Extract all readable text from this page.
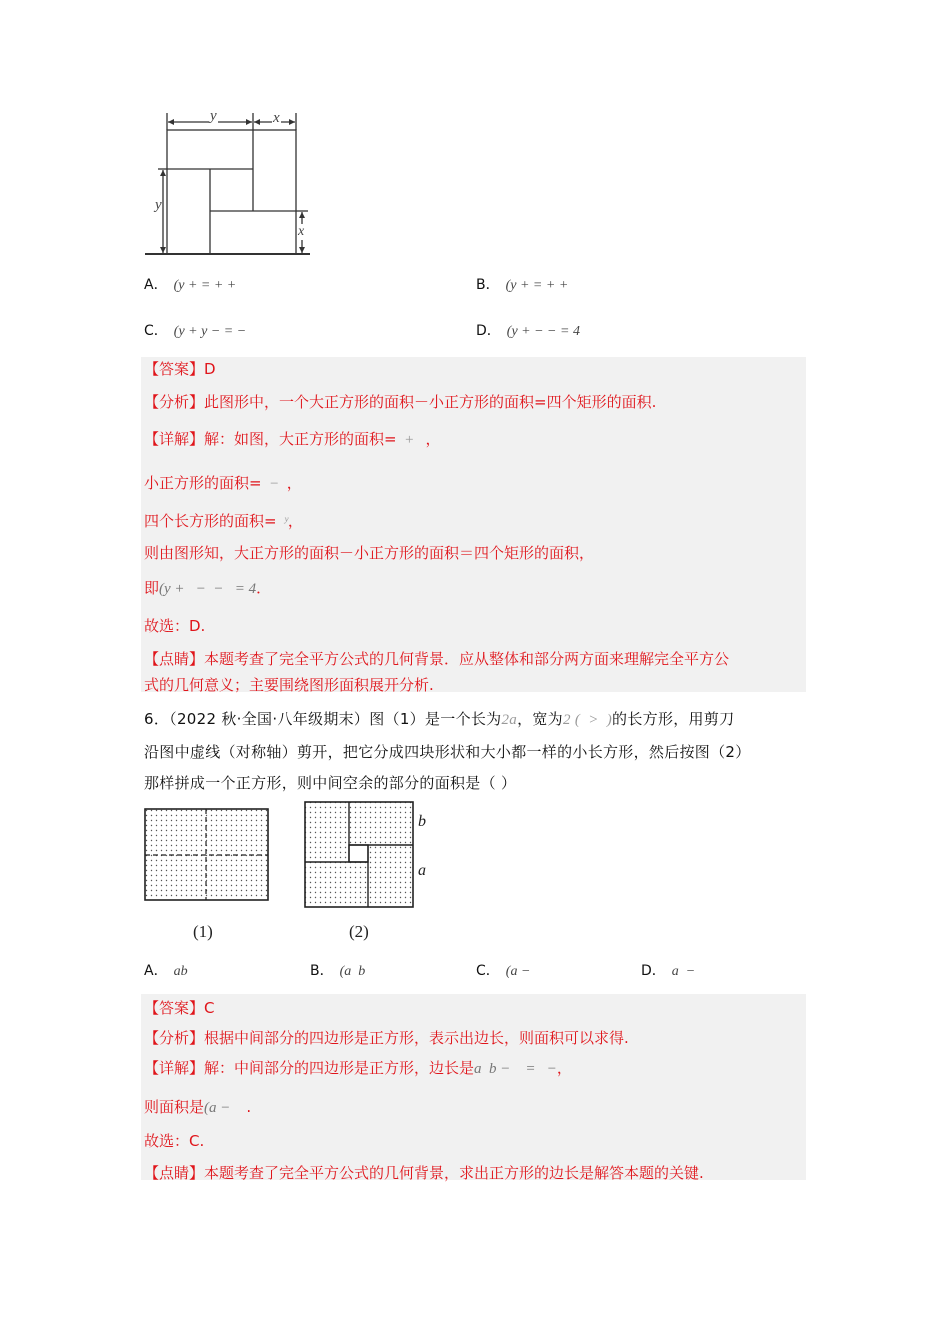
y	x
y
x
A． (y + = + +	B． (y + = + +
C． (y + y − = −	D． (y + − − = 4
【答案】D
【分析】此图形中，一个大正方形的面积－小正方形的面积=四个矩形的面积.
【详解】解：如图，大正方形的面积=  +   ，
小正方形的面积=  −  ，
四个长方形的面积=  ʸ，
则由图形知，大正方形的面积－小正方形的面积＝四个矩形的面积，
即(y +   −  −   = 4．
故选：D.
【点睛】本题考查了完全平方公式的几何背景．应从整体和部分两方面来理解完全平方公
式的几何意义；主要围绕图形面积展开分析.
6．（2022 秋·全国·八年级期末）图（1）是一个长为2a，宽为2 (  >  )的长方形，用剪刀
沿图中虚线（对称轴）剪开，把它分成四块形状和大小都一样的小长方形，然后按图（2）
那样拼成一个正方形，则中间空余的部分的面积是（ ）
(1)
b
a
(2)
A． ab	B． (a  b	C． (a −	D． a  −
【答案】C
【分析】根据中间部分的四边形是正方形，表示出边长，则面积可以求得.
【详解】解：中间部分的四边形是正方形，边长是a  b −    =   −，
则面积是(a − .
故选：C.
【点睛】本题考查了完全平方公式的几何背景，求出正方形的边长是解答本题的关键.
